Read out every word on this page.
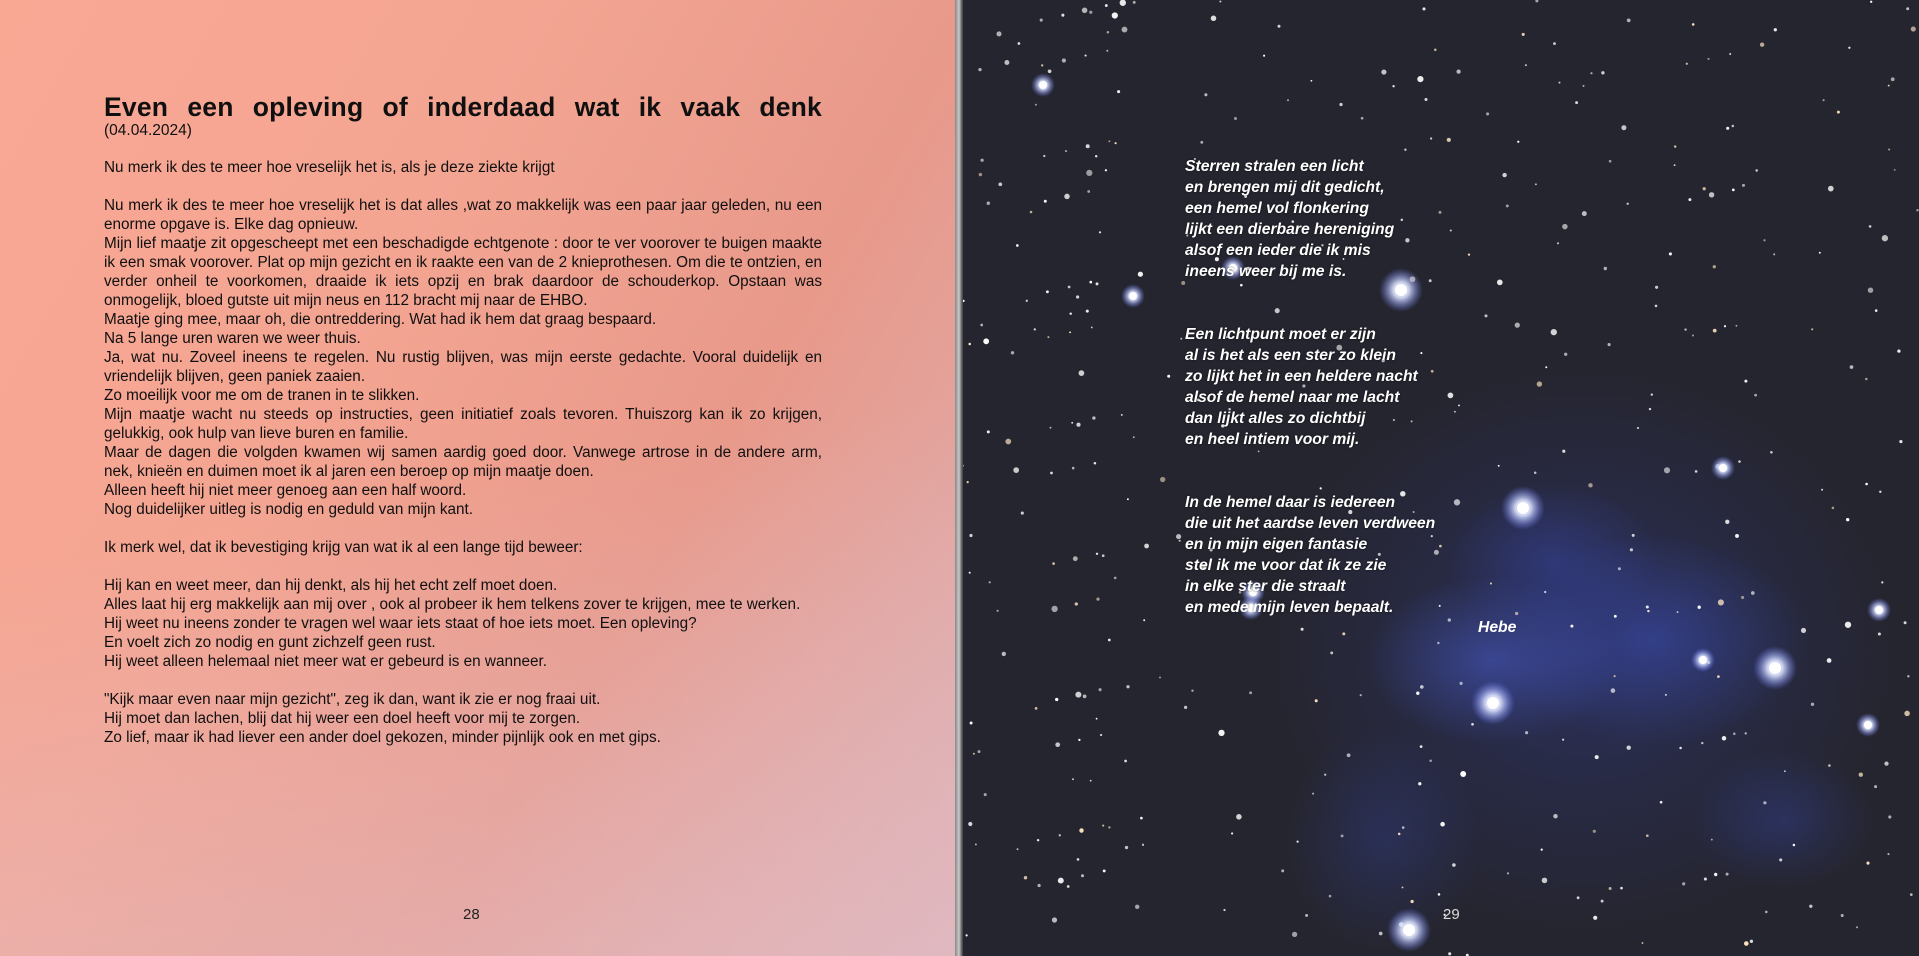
Even een opleving of inderdaad wat ik vaak denk

(04.04.2024)

Nu merk ik des te meer hoe vreselijk het is, als je deze ziekte krijgt

Nu merk ik des te meer hoe vreselijk het is dat alles ,wat zo makkelijk was een paar jaar geleden, nu een enorme opgave is. Elke dag opnieuw.

Mijn lief maatje zit opgescheept met een beschadigde echtgenote : door te ver voorover te buigen maakte ik een smak voorover. Plat op mijn gezicht en ik raakte een van de 2 knieprothesen. Om die te ontzien, en verder onheil te voorkomen, draaide ik iets opzij en brak daardoor de schouderkop. Opstaan was onmogelijk, bloed gutste uit mijn neus en 112 bracht mij naar de EHBO.

Maatje ging mee, maar oh, die ontreddering. Wat had ik hem dat graag bespaard.

Na 5 lange uren waren we weer thuis.

Ja, wat nu. Zoveel ineens te regelen. Nu rustig blijven, was mijn eerste gedachte. Vooral duidelijk en vriendelijk blijven, geen paniek zaaien.

Zo moeilijk voor me om de tranen in te slikken.

Mijn maatje wacht nu steeds op instructies, geen initiatief zoals tevoren. Thuiszorg kan ik zo krijgen, gelukkig, ook hulp van lieve buren en familie.

Maar de dagen die volgden kwamen wij samen aardig goed door. Vanwege artrose in de andere arm, nek, knieën en duimen moet ik al jaren een beroep op mijn maatje doen.

Alleen heeft hij niet meer genoeg aan een half woord.

Nog duidelijker uitleg is nodig en geduld van mijn kant.

Ik merk wel, dat ik bevestiging krijg van wat ik al een lange tijd beweer:

Hij kan en weet meer, dan hij denkt, als hij het echt zelf moet doen.

Alles laat hij erg makkelijk aan mij over , ook al probeer ik hem telkens zover te krijgen, mee te werken.

Hij weet nu ineens zonder te vragen wel waar iets staat of hoe iets moet. Een opleving?

En voelt zich zo nodig en gunt zichzelf geen rust.

Hij weet alleen helemaal niet meer wat er gebeurd is en wanneer.

"Kijk maar even naar mijn gezicht", zeg ik dan, want ik zie er nog fraai uit.

Hij moet dan lachen, blij dat hij weer een doel heeft voor mij te zorgen.

Zo lief, maar ik had liever een ander doel gekozen, minder pijnlijk ook en met gips.

28
Sterren stralen een licht
en brengen mij dit gedicht,
een hemel vol flonkering
lijkt een dierbare hereniging
alsof een ieder die ik mis
ineens weer bij me is.
Een lichtpunt moet er zijn
al is het als een ster zo klein
zo lijkt het in een heldere nacht
alsof de hemel naar me lacht
dan lijkt alles zo dichtbij
en heel intiem voor mij.
In de hemel daar is iedereen
die uit het aardse leven verdween
en in mijn eigen fantasie
stel ik me voor dat ik ze zie
in elke ster die straalt
en mede mijn leven bepaalt.
Hebe
29
